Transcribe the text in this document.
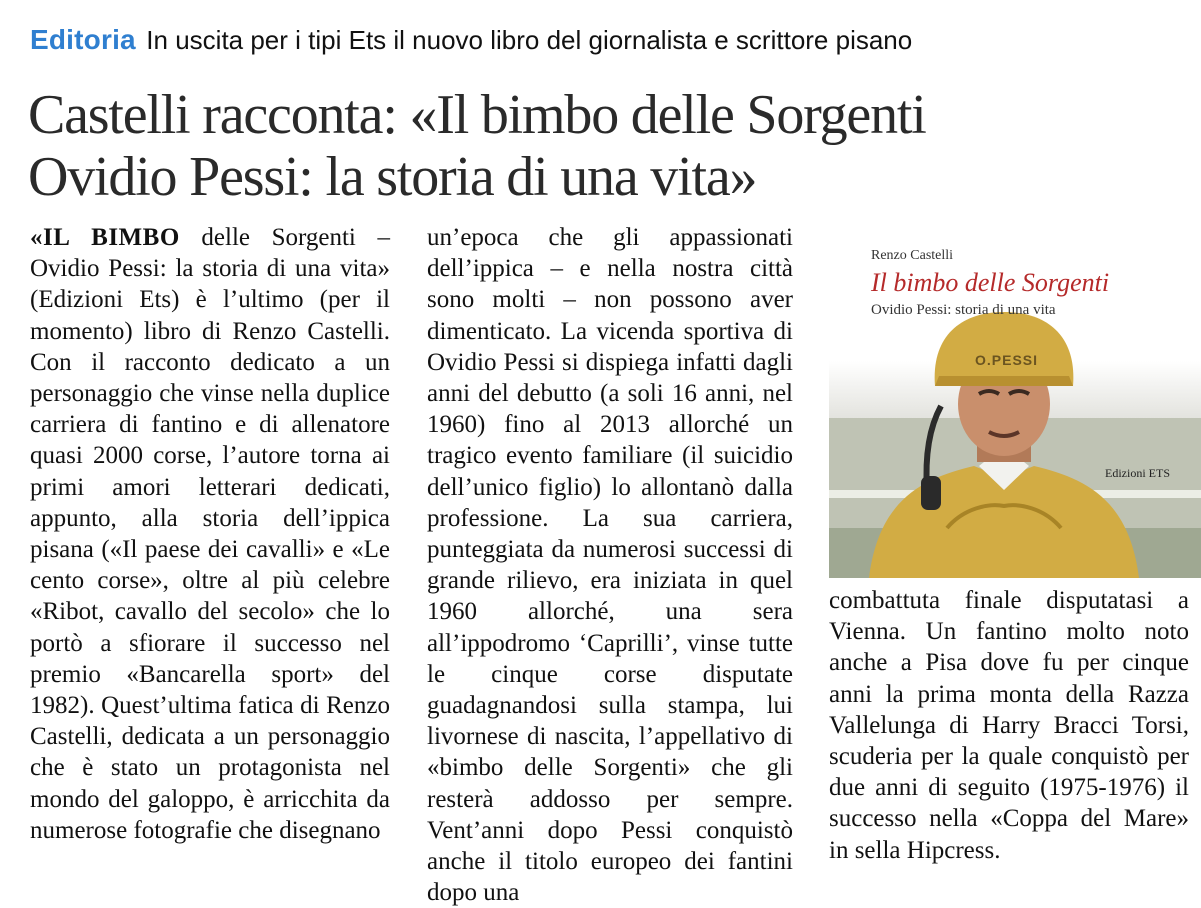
Editoria In uscita per i tipi Ets il nuovo libro del giornalista e scrittore pisano
Castelli racconta: «Il bimbo delle Sorgenti
Ovidio Pessi: la storia di una vita»

«IL BIMBO delle Sorgenti – Ovidio Pessi: la storia di una vita» (Edizioni Ets) è l’ultimo (per il momento) libro di Renzo Castelli. Con il racconto dedicato a un personaggio che vinse nella duplice carriera di fantino e di allenatore quasi 2000 corse, l’autore torna ai primi amori letterari dedicati, appunto, alla storia dell’ippica pisana («Il paese dei cavalli» e «Le cento corse», oltre al più celebre «Ribot, cavallo del secolo» che lo portò a sfiorare il successo nel premio «Bancarella sport» del 1982). Quest’ultima fatica di Renzo Castelli, dedicata a un personaggio che è stato un protagonista nel mondo del galoppo, è arricchita da numerose fotografie che disegnano

un’epoca che gli appassionati dell’ippica – e nella nostra città sono molti – non possono aver dimenticato. La vicenda sportiva di Ovidio Pessi si dispiega infatti dagli anni del debutto (a soli 16 anni, nel 1960) fino al 2013 allorché un tragico evento familiare (il suicidio dell’unico figlio) lo allontanò dalla professione. La sua carriera, punteggiata da numerosi successi di grande rilievo, era iniziata in quel 1960 allorché, una sera all’ippodromo ‘Caprilli’, vinse tutte le cinque corse disputate guadagnandosi sulla stampa, lui livornese di nascita, l’appellativo di «bimbo delle Sorgenti» che gli resterà addosso per sempre. Vent’anni dopo Pessi conquistò anche il titolo europeo dei fantini dopo una

Renzo Castelli
Il bimbo delle Sorgenti
Ovidio Pessi: storia di una vita
Edizioni ETS
O.PESSI

combattuta finale disputatasi a Vienna. Un fantino molto noto anche a Pisa dove fu per cinque anni la prima monta della Razza Vallelunga di Harry Bracci Torsi, scuderia per la quale conquistò per due anni di seguito (1975-1976) il successo nella «Coppa del Mare» in sella Hipcress.
